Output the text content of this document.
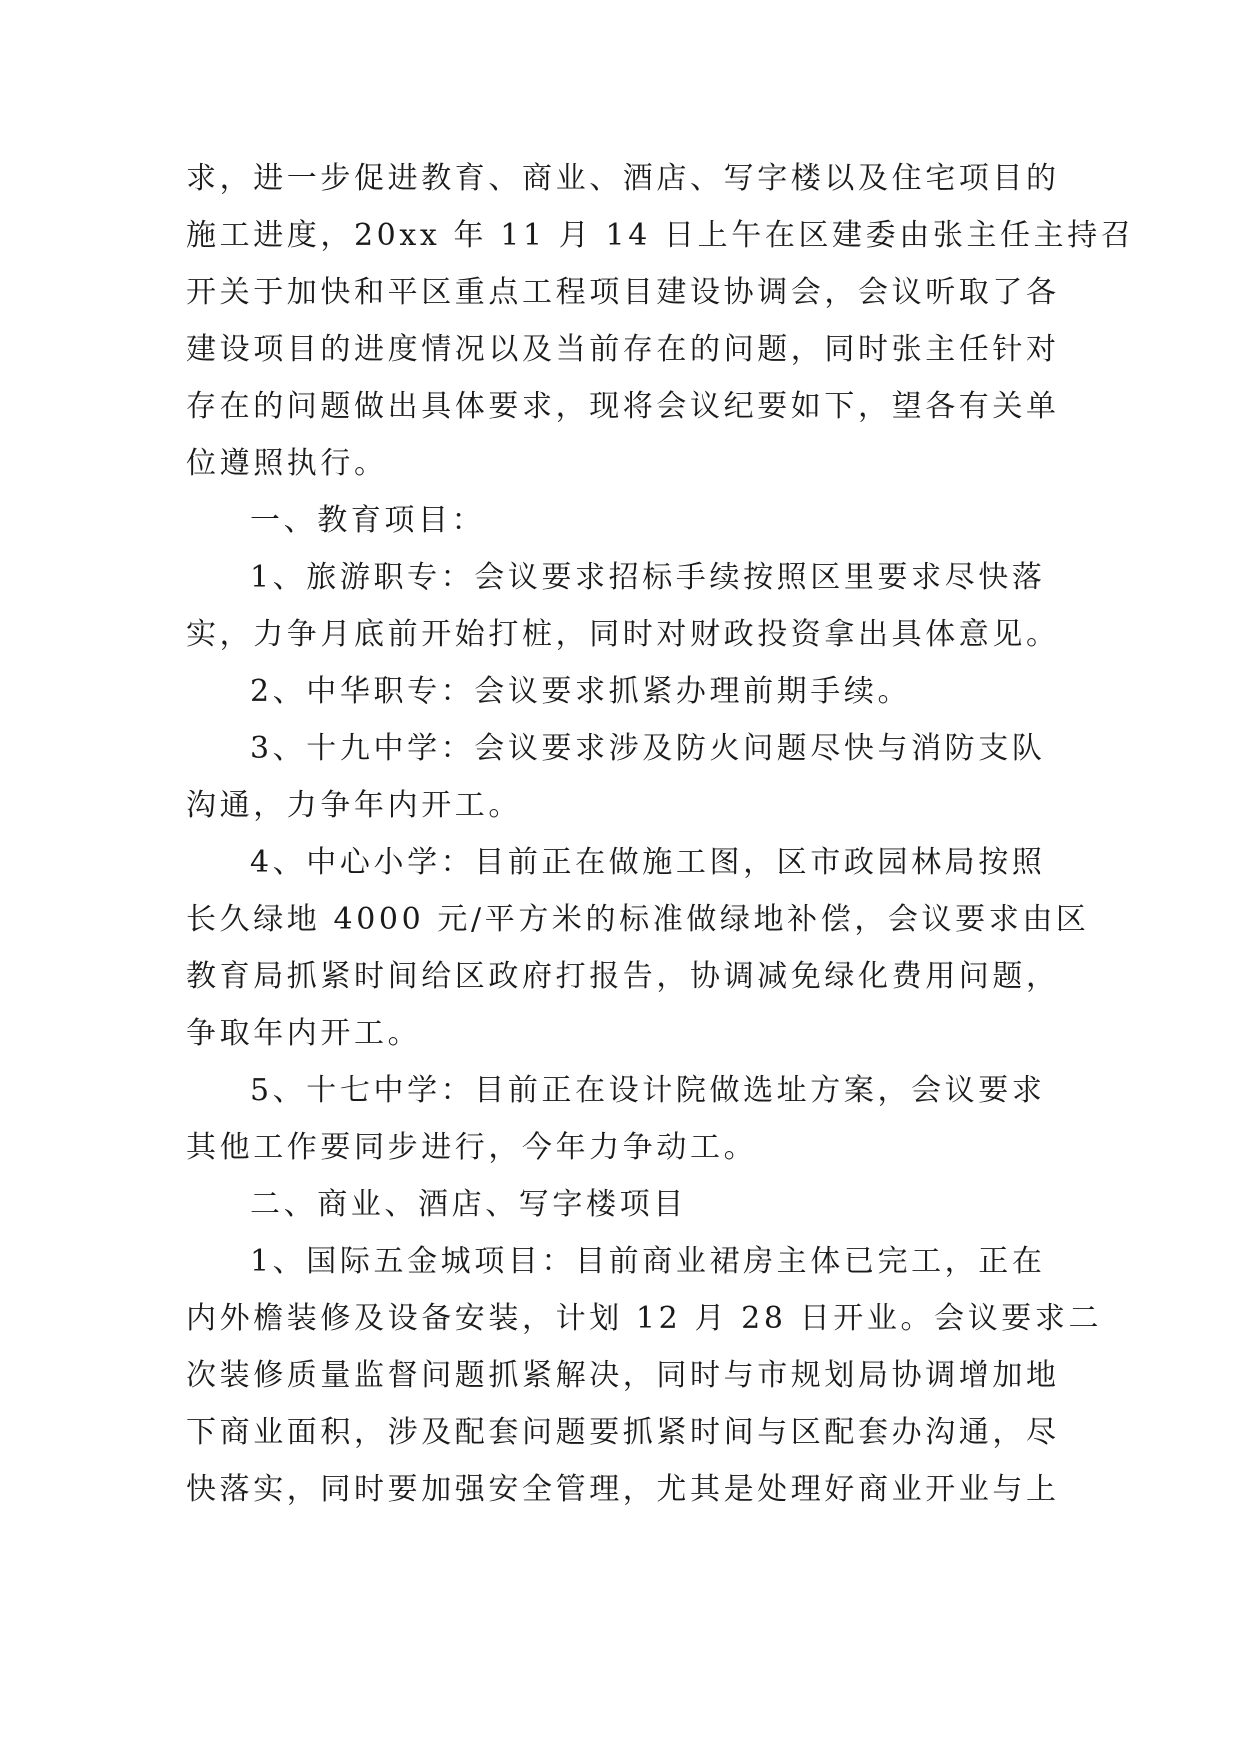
求，进一步促进教育、商业、酒店、写字楼以及住宅项目的
施工进度，20xx 年 11 月 14 日上午在区建委由张主任主持召
开关于加快和平区重点工程项目建设协调会，会议听取了各
建设项目的进度情况以及当前存在的问题，同时张主任针对
存在的问题做出具体要求，现将会议纪要如下，望各有关单
位遵照执行。

一、教育项目：

1、旅游职专：会议要求招标手续按照区里要求尽快落
实，力争月底前开始打桩，同时对财政投资拿出具体意见。

2、中华职专：会议要求抓紧办理前期手续。

3、十九中学：会议要求涉及防火问题尽快与消防支队
沟通，力争年内开工。

4、中心小学：目前正在做施工图，区市政园林局按照
长久绿地 4000 元/平方米的标准做绿地补偿，会议要求由区
教育局抓紧时间给区政府打报告，协调减免绿化费用问题，
争取年内开工。

5、十七中学：目前正在设计院做选址方案，会议要求
其他工作要同步进行，今年力争动工。

二、商业、酒店、写字楼项目

1、国际五金城项目：目前商业裙房主体已完工，正在
内外檐装修及设备安装，计划 12 月 28 日开业。会议要求二
次装修质量监督问题抓紧解决，同时与市规划局协调增加地
下商业面积，涉及配套问题要抓紧时间与区配套办沟通，尽
快落实，同时要加强安全管理，尤其是处理好商业开业与上
